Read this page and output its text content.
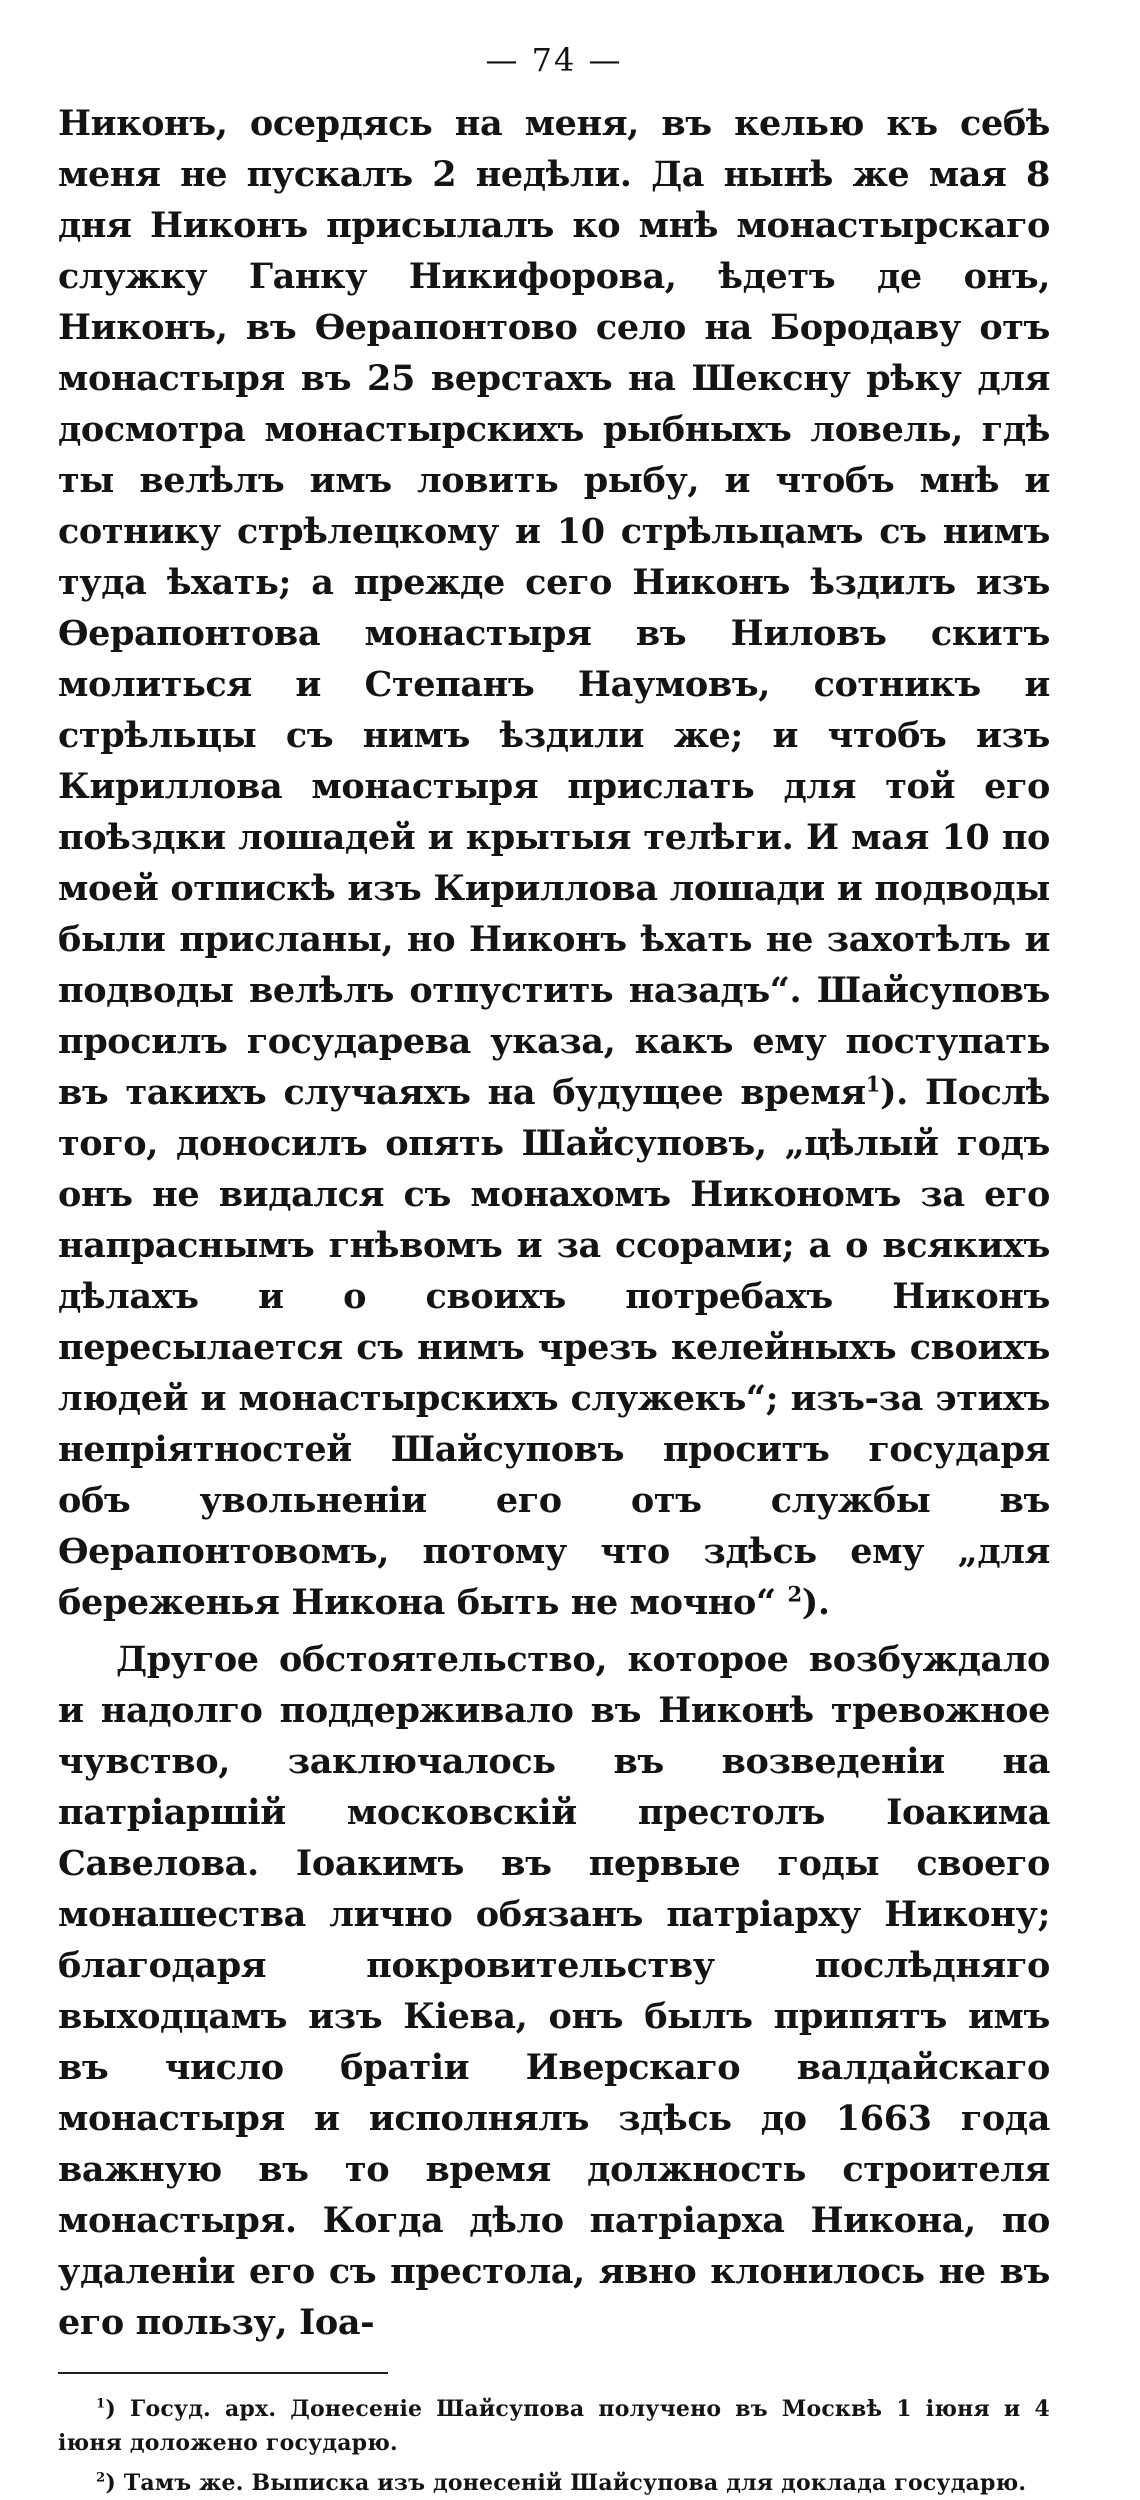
— 74 —

Никонъ, осердясь на меня, въ келью къ себѣ меня не пускалъ 2 недѣли. Да нынѣ же мая 8 дня Никонъ присылалъ ко мнѣ монастырскаго служку Ганку Никифорова, ѣдетъ де онъ, Никонъ, въ Ѳерапонтово село на Бородаву отъ монастыря въ 25 верстахъ на Шексну рѣку для досмотра монастырскихъ рыбныхъ ловель, гдѣ ты велѣлъ имъ ловить рыбу, и чтобъ мнѣ и сотнику стрѣлецкому и 10 стрѣльцамъ съ нимъ туда ѣхать; а прежде сего Никонъ ѣздилъ изъ Ѳерапонтова монастыря въ Ниловъ скитъ молиться и Степанъ Наумовъ, сотникъ и стрѣльцы съ нимъ ѣздили же; и чтобъ изъ Кириллова монастыря прислать для той его поѣздки лошадей и крытыя телѣги. И мая 10 по моей отпискѣ изъ Кириллова лошади и подводы были присланы, но Никонъ ѣхать не захотѣлъ и подводы велѣлъ отпустить назадъ“. Шайсуповъ просилъ государева указа, какъ ему поступать въ такихъ случаяхъ на будущее время$^1$). Послѣ того, доносилъ опять Шайсуповъ, „цѣлый годъ онъ не видался съ монахомъ Никономъ за его напраснымъ гнѣвомъ и за ссорами; а о всякихъ дѣлахъ и о своихъ потребахъ Никонъ пересылается съ нимъ чрезъ келейныхъ своихъ людей и монастырскихъ служекъ“; изъ-за этихъ непріятностей Шайсуповъ проситъ государя объ увольненіи его отъ службы въ Ѳерапонтовомъ, потому что здѣсь ему „для береженья Никона быть не мочно“ $^2$).

Другое обстоятельство, которое возбуждало и надолго поддерживало въ Никонѣ тревожное чувство, заключалось въ возведеніи на патріаршій московскій престолъ Іоакима Савелова. Іоакимъ въ первые годы своего монашества лично обязанъ патріарху Никону; благодаря покровительству послѣдняго выходцамъ изъ Кіева, онъ былъ припятъ имъ въ число братіи Иверскаго валдайскаго монастыря и исполнялъ здѣсь до 1663 года важную въ то время должность строителя монастыря. Когда дѣло патріарха Никона, по удаленіи его съ престола, явно клонилось не въ его пользу, Іоа-

$^1$) Госуд. арх. Донесеніе Шайсупова получено въ Москвѣ 1 іюня и 4 іюня доложено государю.

$^2$) Тамъ же. Выписка изъ донесеній Шайсупова для доклада государю.
